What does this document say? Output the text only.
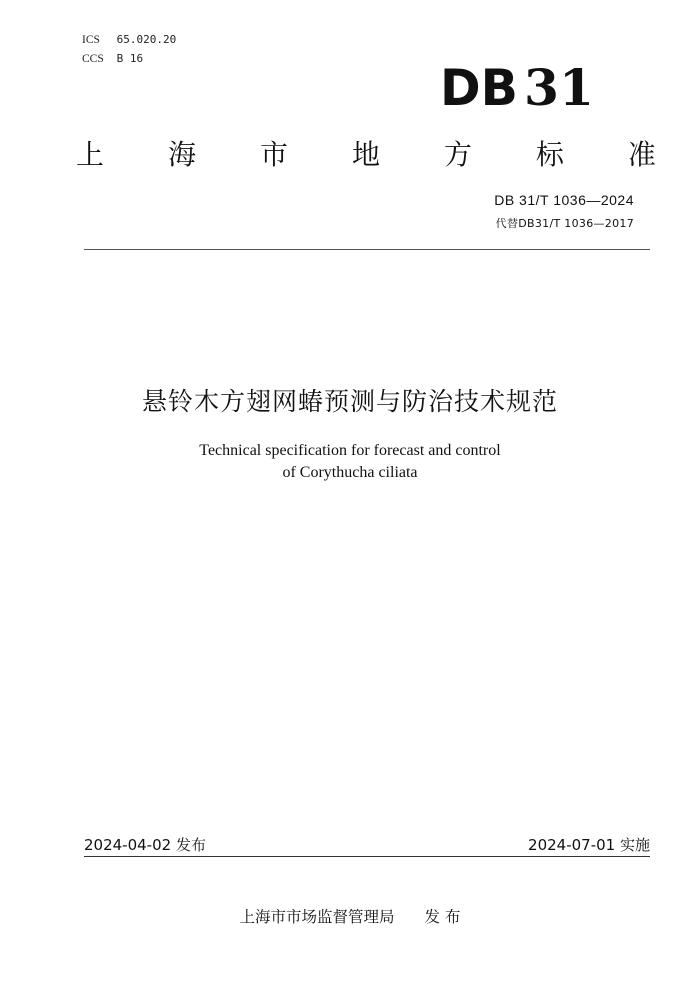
ICS 65.020.20
CCS B 16
DB 31
上 海 市 地 方 标 准
DB 31/T 1036—2024
代替DB31/T 1036—2017
悬铃木方翅网蝽预测与防治技术规范
Technical specification for forecast and control
of Corythucha ciliata
2024-04-02 发布	2024-07-01 实施
上海市市场监督管理局 发 布
